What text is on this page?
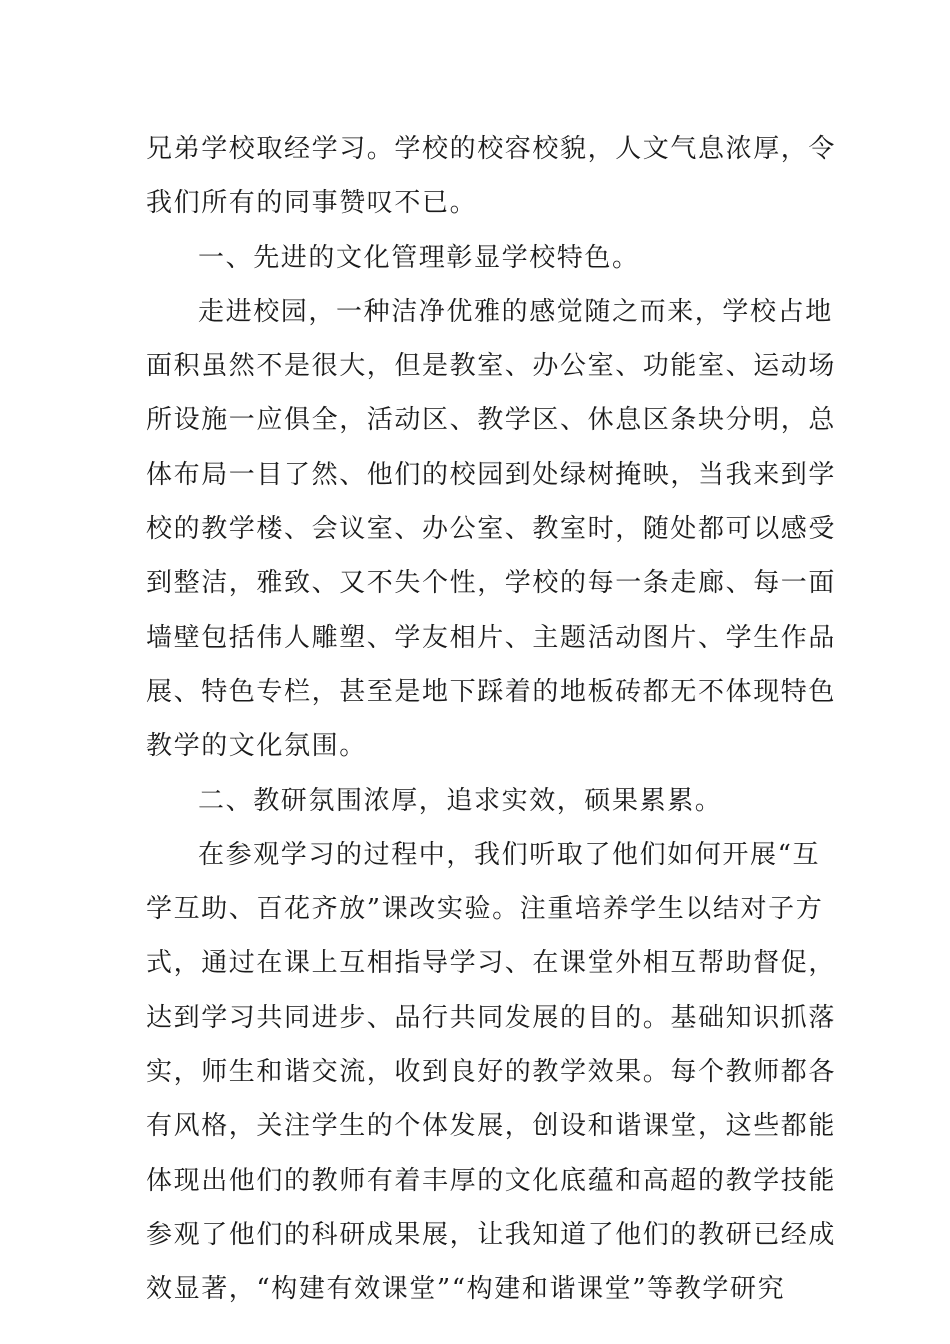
兄弟学校取经学习。学校的校容校貌，人文气息浓厚，令
我们所有的同事赞叹不已。
一、先进的文化管理彰显学校特色。
走进校园，一种洁净优雅的感觉随之而来，学校占地
面积虽然不是很大，但是教室、办公室、功能室、运动场
所设施一应俱全，活动区、教学区、休息区条块分明，总
体布局一目了然、他们的校园到处绿树掩映，当我来到学
校的教学楼、会议室、办公室、教室时，随处都可以感受
到整洁，雅致、又不失个性，学校的每一条走廊、每一面
墙壁包括伟人雕塑、学友相片、主题活动图片、学生作品
展、特色专栏，甚至是地下踩着的地板砖都无不体现特色
教学的文化氛围。
二、教研氛围浓厚，追求实效，硕果累累。
在参观学习的过程中，我们听取了他们如何开展“互
学互助、百花齐放”课改实验。注重培养学生以结对子方
式，通过在课上互相指导学习、在课堂外相互帮助督促，
达到学习共同进步、品行共同发展的目的。基础知识抓落
实，师生和谐交流，收到良好的教学效果。每个教师都各
有风格，关注学生的个体发展，创设和谐课堂，这些都能
体现出他们的教师有着丰厚的文化底蕴和高超的教学技能
参观了他们的科研成果展，让我知道了他们的教研已经成
效显著，“构建有效课堂”“构建和谐课堂”等教学研究
